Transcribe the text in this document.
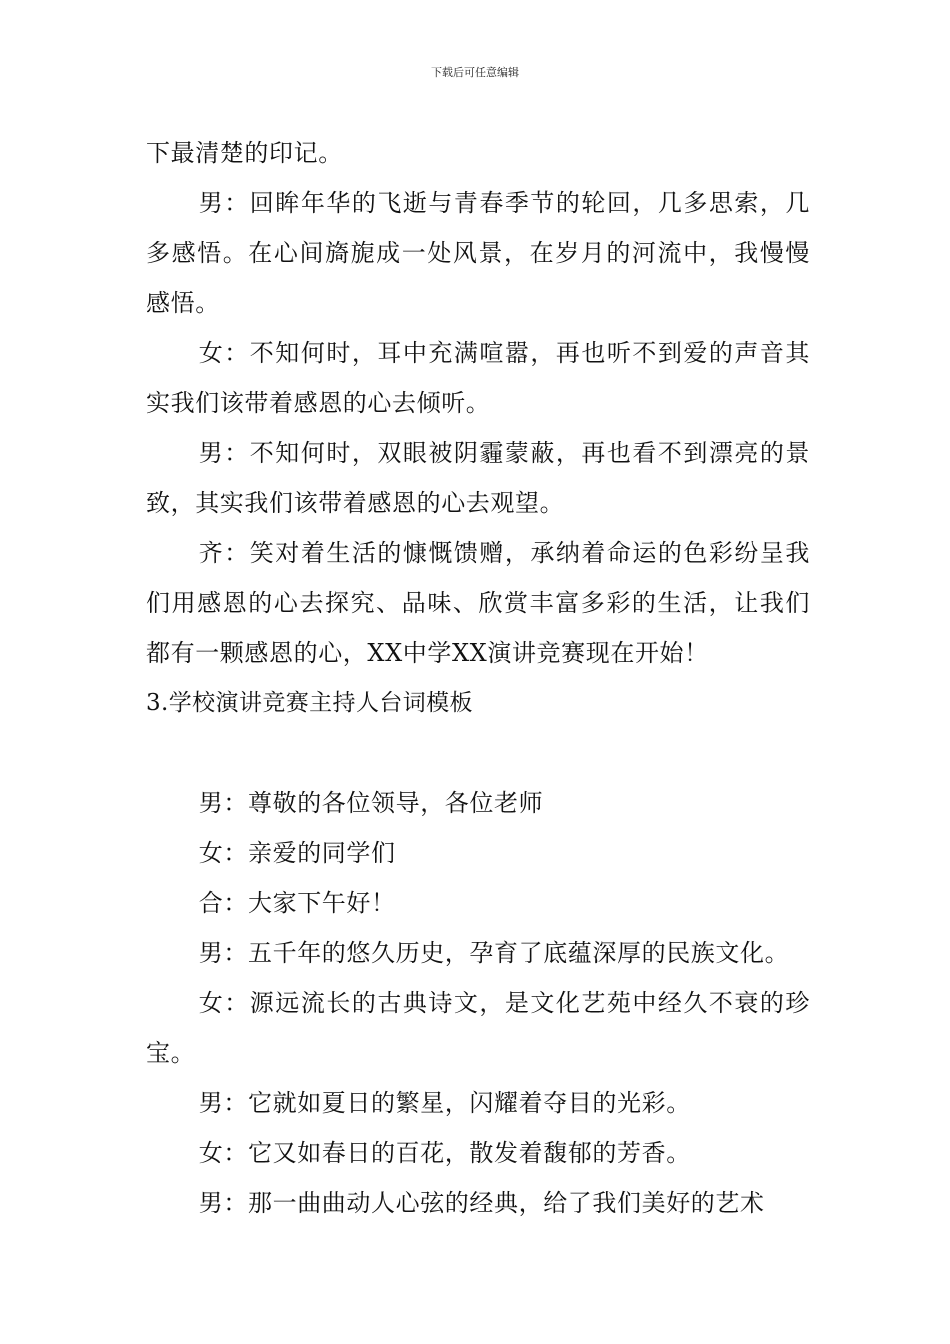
下载后可任意编辑

下最清楚的印记。

男：回眸年华的飞逝与青春季节的轮回，几多思索，几多感悟。在心间旖旎成一处风景，在岁月的河流中，我慢慢感悟。

女：不知何时，耳中充满喧嚣，再也听不到爱的声音其实我们该带着感恩的心去倾听。

男：不知何时，双眼被阴霾蒙蔽，再也看不到漂亮的景致，其实我们该带着感恩的心去观望。

齐：笑对着生活的慷慨馈赠，承纳着命运的色彩纷呈我们用感恩的心去探究、品味、欣赏丰富多彩的生活，让我们都有一颗感恩的心，XX中学XX演讲竞赛现在开始！

3.学校演讲竞赛主持人台词模板

男：尊敬的各位领导，各位老师

女：亲爱的同学们

合：大家下午好！

男：五千年的悠久历史，孕育了底蕴深厚的民族文化。

女：源远流长的古典诗文，是文化艺苑中经久不衰的珍宝。

男：它就如夏日的繁星，闪耀着夺目的光彩。

女：它又如春日的百花，散发着馥郁的芳香。

男：那一曲曲动人心弦的经典，给了我们美好的艺术
